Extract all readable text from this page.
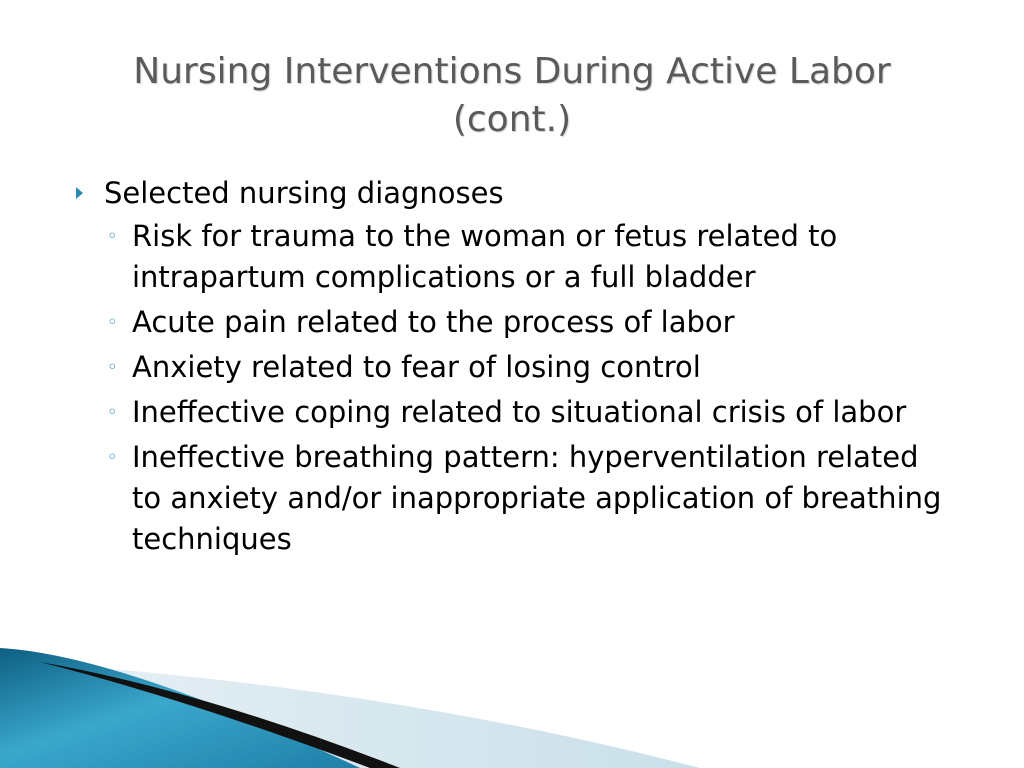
Nursing Interventions During Active Labor
(cont.)
Selected nursing diagnoses
◦ Risk for trauma to the woman or fetus related to intrapartum complications or a full bladder
◦ Acute pain related to the process of labor
◦ Anxiety related to fear of losing control
◦ Ineffective coping related to situational crisis of labor
◦ Ineffective breathing pattern: hyperventilation related to anxiety and/or inappropriate application of breathing techniques
